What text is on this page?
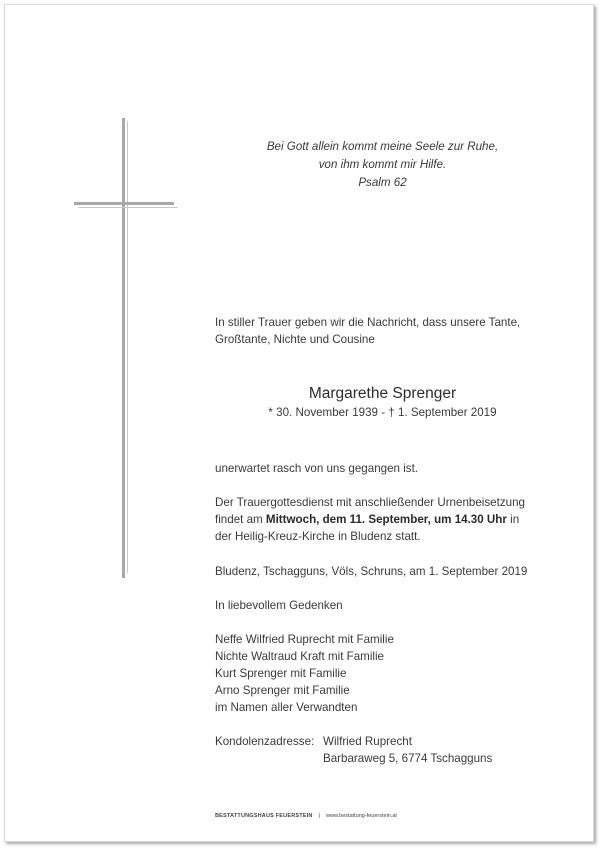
Bei Gott allein kommt meine Seele zur Ruhe,
von ihm kommt mir Hilfe.
Psalm 62
In stiller Trauer geben wir die Nachricht, dass unsere Tante,
Großtante, Nichte und Cousine
Margarethe Sprenger
* 30. November 1939 - † 1. September 2019
unerwartet rasch von uns gegangen ist.
Der Trauergottesdienst mit anschließender Urnenbeisetzung
findet am Mittwoch, dem 11. September, um 14.30 Uhr in
der Heilig-Kreuz-Kirche in Bludenz statt.
Bludenz, Tschagguns, Völs, Schruns, am 1. September 2019
In liebevollem Gedenken
Neffe Wilfried Ruprecht mit Familie
Nichte Waltraud Kraft mit Familie
Kurt Sprenger mit Familie
Arno Sprenger mit Familie
im Namen aller Verwandten
Kondolenzadresse: Wilfried Ruprecht
Barbaraweg 5, 6774 Tschagguns
BESTATTUNGSHAUS FEUERSTEIN | www.bestattung-feuerstein.at
